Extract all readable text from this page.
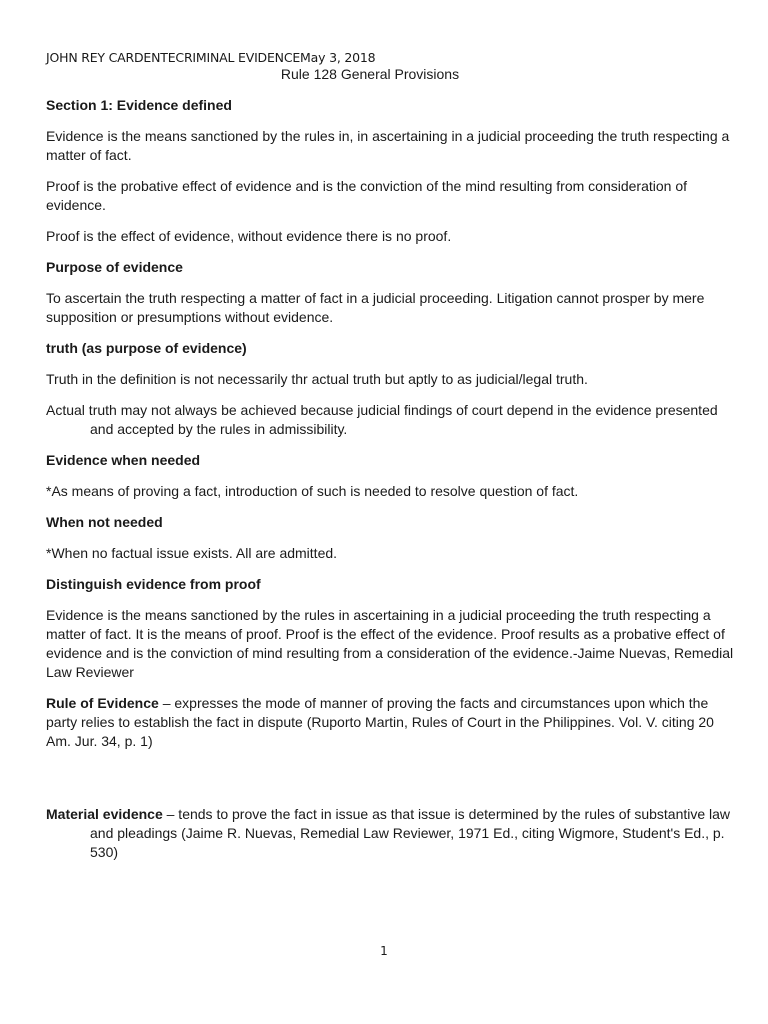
JOHN REY CARDENTECRIMINAL EVIDENCEMay 3, 2018
Rule 128 General Provisions
Section 1: Evidence defined
Evidence is the means sanctioned by the rules in, in ascertaining in a judicial proceeding the truth respecting a matter of fact.
Proof is the probative effect of evidence and is the conviction of the mind resulting from consideration of evidence.
Proof is the effect of evidence, without evidence there is no proof.
Purpose of evidence
To ascertain the truth respecting a matter of fact in a judicial proceeding. Litigation cannot prosper by mere supposition or presumptions without evidence.
truth (as purpose of evidence)
Truth in the definition is not necessarily thr actual truth but aptly to as judicial/legal truth.
Actual truth may not always be achieved because judicial findings of court depend in the evidence presented and accepted by the rules in admissibility.
Evidence when needed
*As means of proving a fact, introduction of such is needed to resolve question of fact.
When not needed
*When no factual issue exists. All are admitted.
Distinguish evidence from proof
Evidence is the means sanctioned by the rules in ascertaining in a judicial proceeding the truth respecting a matter of fact. It is the means of proof. Proof is the effect of the evidence. Proof results as a probative effect of evidence and is the conviction of mind resulting from a consideration of the evidence.-Jaime Nuevas, Remedial Law Reviewer
Rule of Evidence – expresses the mode of manner of proving the facts and circumstances upon which the party relies to establish the fact in dispute (Ruporto Martin, Rules of Court in the Philippines. Vol. V. citing 20 Am. Jur. 34, p. 1)
Material evidence – tends to prove the fact in issue as that issue is determined by the rules of substantive law and pleadings (Jaime R. Nuevas, Remedial Law Reviewer, 1971 Ed., citing Wigmore, Student's Ed., p. 530)
1
